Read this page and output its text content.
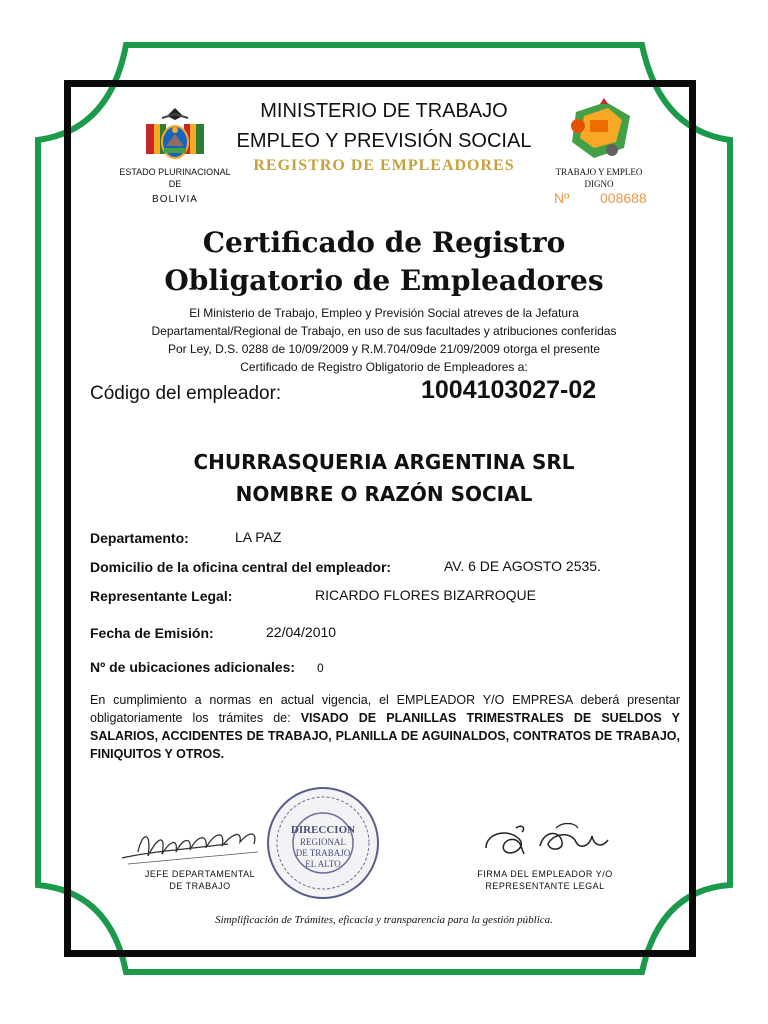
ESTADO PLURINACIONAL
DE
BOLIVIA
MINISTERIO DE TRABAJO
EMPLEO Y PREVISIÓN SOCIAL
REGISTRO DE EMPLEADORES	TRABAJO Y EMPLEO
DIGNO
Nº 008688
Certificado de Registro
Obligatorio de Empleadores
El Ministerio de Trabajo, Empleo y Previsión Social atreves de la Jefatura
Departamental/Regional de Trabajo, en uso de sus facultades y atribuciones conferidas
Por Ley, D.S. 0288 de 10/09/2009 y R.M.704/09de 21/09/2009 otorga el presente
Certificado de Registro Obligatorio de Empleadores a:
Código del empleador:	1004103027-02
CHURRASQUERIA ARGENTINA SRL
NOMBRE O RAZÓN SOCIAL
Departamento:	LA PAZ
Domicilio de la oficina central del empleador:	AV. 6 DE AGOSTO 2535.
Representante Legal:	RICARDO FLORES BIZARROQUE
Fecha de Emisión:	22/04/2010
Nº de ubicaciones adicionales: 0
En cumplimiento a normas en actual vigencia, el EMPLEADOR Y/O EMPRESA deberá presentar obligatoriamente los trámites de: VISADO DE PLANILLAS TRIMESTRALES DE SUELDOS Y SALARIOS, ACCIDENTES DE TRABAJO, PLANILLA DE AGUINALDOS, CONTRATOS DE TRABAJO, FINIQUITOS Y OTROS.
DIRECCION
REGIONAL
DE TRABAJO
EL ALTO
JEFE DEPARTAMENTAL
DE TRABAJO
FIRMA DEL EMPLEADOR Y/O
REPRESENTANTE LEGAL
Simplificación de Trámites, eficacia y transparencia para la gestión pública.
